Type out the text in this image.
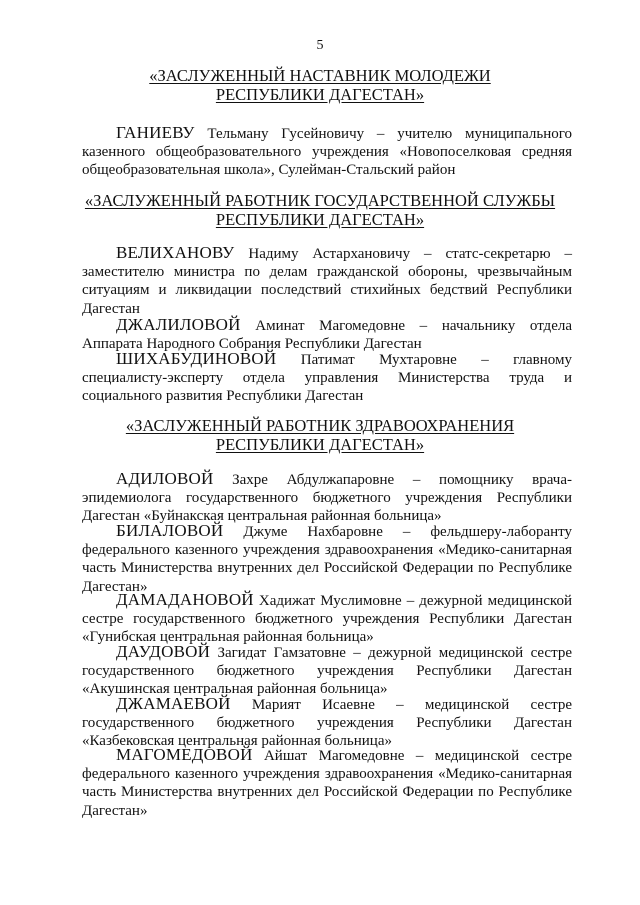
5
«ЗАСЛУЖЕННЫЙ НАСТАВНИК МОЛОДЕЖИ
РЕСПУБЛИКИ ДАГЕСТАН»
ГАНИЕВУ Тельману Гусейновичу – учителю муниципального казенного общеобразовательного учреждения «Новопоселковая средняя общеобразовательная школа», Сулейман-Стальский район
«ЗАСЛУЖЕННЫЙ РАБОТНИК ГОСУДАРСТВЕННОЙ СЛУЖБЫ
РЕСПУБЛИКИ ДАГЕСТАН»
ВЕЛИХАНОВУ Надиму Астархановичу – статс-секретарю – заместителю министра по делам гражданской обороны, чрезвычайным ситуациям и ликвидации последствий стихийных бедствий Республики Дагестан
ДЖАЛИЛОВОЙ Аминат Магомедовне – начальнику отдела Аппарата Народного Собрания Республики Дагестан
ШИХАБУДИНОВОЙ Патимат Мухтаровне – главному специалисту-эксперту отдела управления Министерства труда и социального развития Республики Дагестан
«ЗАСЛУЖЕННЫЙ РАБОТНИК ЗДРАВООХРАНЕНИЯ
РЕСПУБЛИКИ ДАГЕСТАН»
АДИЛОВОЙ Захре Абдулжапаровне – помощнику врача-эпидемиолога государственного бюджетного учреждения Республики Дагестан «Буйнакская центральная районная больница»
БИЛАЛОВОЙ Джуме Нахбаровне – фельдшеру-лаборанту федерального казенного учреждения здравоохранения «Медико-санитарная часть Министерства внутренних дел Российской Федерации по Республике Дагестан»
ДАМАДАНОВОЙ Хадижат Муслимовне – дежурной медицинской сестре государственного бюджетного учреждения Республики Дагестан «Гунибская центральная районная больница»
ДАУДОВОЙ Загидат Гамзатовне – дежурной медицинской сестре государственного бюджетного учреждения Республики Дагестан «Акушинская центральная районная больница»
ДЖАМАЕВОЙ Марият Исаевне – медицинской сестре государственного бюджетного учреждения Республики Дагестан «Казбековская центральная районная больница»
МАГОМЕДОВОЙ Айшат Магомедовне – медицинской сестре федерального казенного учреждения здравоохранения «Медико-санитарная часть Министерства внутренних дел Российской Федерации по Республике Дагестан»
